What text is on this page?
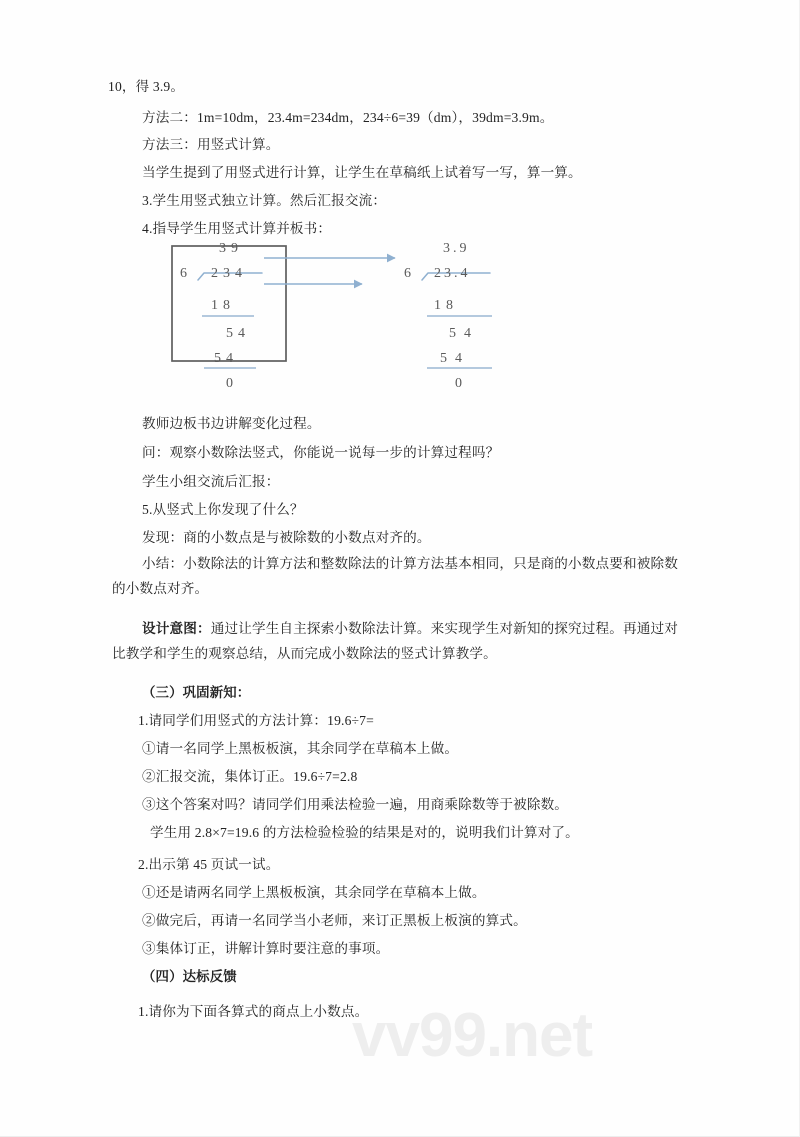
vv99.net
39
6 234
18
54
54
0
3.9
6 23.4
18
54
54
0
10，得 3.9。
方法二：1m=10dm，23.4m=234dm，234÷6=39（dm），39dm=3.9m。
方法三：用竖式计算。
当学生提到了用竖式进行计算，让学生在草稿纸上试着写一写，算一算。
3.学生用竖式独立计算。然后汇报交流：
4.指导学生用竖式计算并板书：
教师边板书边讲解变化过程。
问：观察小数除法竖式，你能说一说每一步的计算过程吗？
学生小组交流后汇报：
5.从竖式上你发现了什么？
发现：商的小数点是与被除数的小数点对齐的。
小结：小数除法的计算方法和整数除法的计算方法基本相同，只是商的小数点要和被除数的小数点对齐。
设计意图：通过让学生自主探索小数除法计算。来实现学生对新知的探究过程。再通过对比教学和学生的观察总结，从而完成小数除法的竖式计算教学。
（三）巩固新知：
1.请同学们用竖式的方法计算：19.6÷7=
①请一名同学上黑板板演，其余同学在草稿本上做。
②汇报交流，集体订正。19.6÷7=2.8
③这个答案对吗？请同学们用乘法检验一遍，用商乘除数等于被除数。
学生用 2.8×7=19.6 的方法检验检验的结果是对的，说明我们计算对了。
2.出示第 45 页试一试。
①还是请两名同学上黑板板演，其余同学在草稿本上做。
②做完后，再请一名同学当小老师，来订正黑板上板演的算式。
③集体订正，讲解计算时要注意的事项。
（四）达标反馈
1.请你为下面各算式的商点上小数点。
